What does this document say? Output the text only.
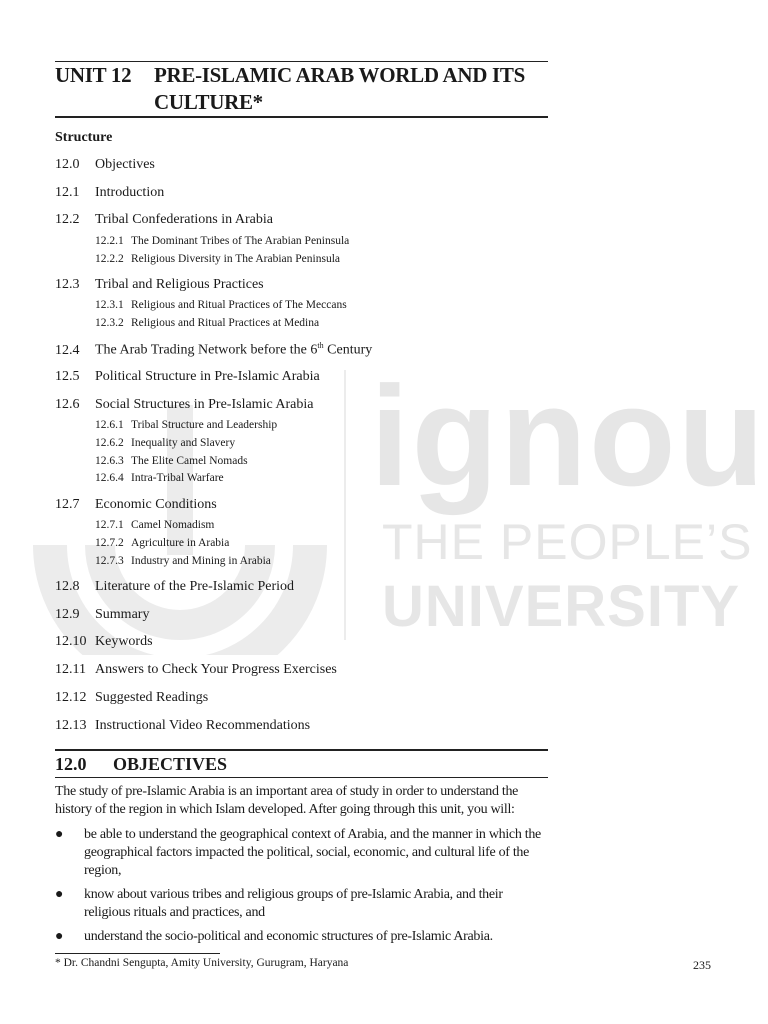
ignou
THE PEOPLE’S
UNIVERSITY
UNIT 12 PRE-ISLAMIC ARAB WORLD AND ITS CULTURE*
Structure
12.0 Objectives
12.1 Introduction
12.2 Tribal Confederations in Arabia
12.2.1 The Dominant Tribes of The Arabian Peninsula
12.2.2 Religious Diversity in The Arabian Peninsula
12.3 Tribal and Religious Practices
12.3.1 Religious and Ritual Practices of The Meccans
12.3.2 Religious and Ritual Practices at Medina
12.4 The Arab Trading Network before the 6th Century
12.5 Political Structure in Pre-Islamic Arabia
12.6 Social Structures in Pre-Islamic Arabia
12.6.1 Tribal Structure and Leadership
12.6.2 Inequality and Slavery
12.6.3 The Elite Camel Nomads
12.6.4 Intra-Tribal Warfare
12.7 Economic Conditions
12.7.1 Camel Nomadism
12.7.2 Agriculture in Arabia
12.7.3 Industry and Mining in Arabia
12.8 Literature of the Pre-Islamic Period
12.9 Summary
12.10 Keywords
12.11 Answers to Check Your Progress Exercises
12.12 Suggested Readings
12.13 Instructional Video Recommendations
12.0 OBJECTIVES
The study of pre-Islamic Arabia is an important area of study in order to understand the history of the region in which Islam developed. After going through this unit, you will:
● be able to understand the geographical context of Arabia, and the manner in which the geographical factors impacted the political, social, economic, and cultural life of the region,
● know about various tribes and religious groups of pre-Islamic Arabia, and their religious rituals and practices, and
● understand the socio-political and economic structures of pre-Islamic Arabia.
* Dr. Chandni Sengupta, Amity University, Gurugram, Haryana	235
